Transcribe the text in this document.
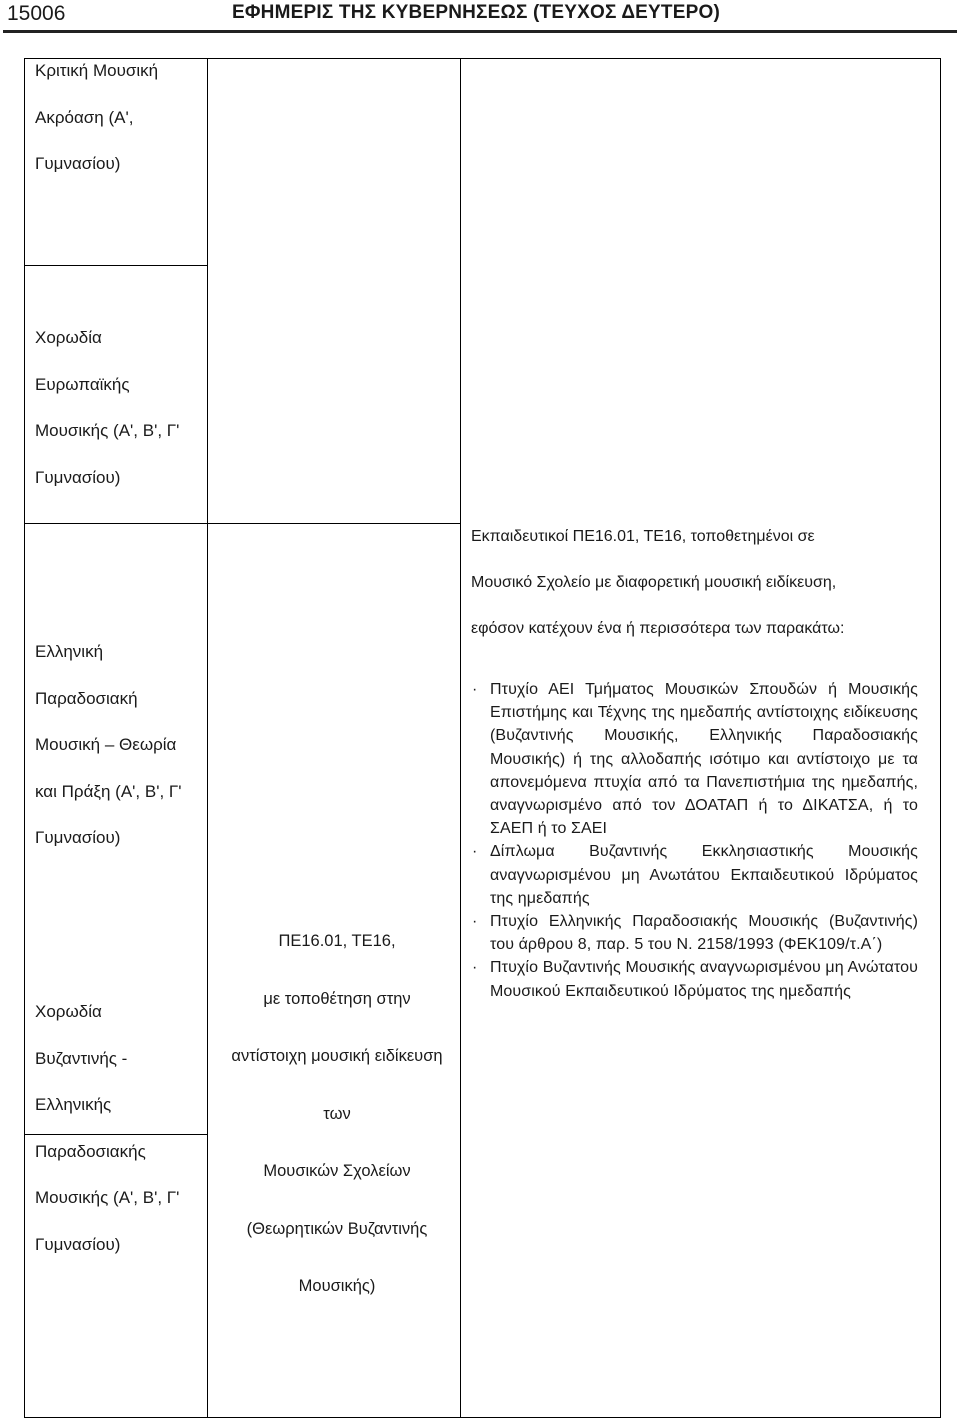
15006	ΕΦΗΜΕΡΙΣ ΤΗΣ ΚΥΒΕΡΝΗΣΕΩΣ (ΤΕΥΧΟΣ ΔΕΥΤΕΡΟ)
Κριτική Μουσική
Ακρόαση (Α',
Γυμνασίου)
Χορωδία
Ευρωπαϊκής
Μουσικής (Α', Β', Γ'
Γυμνασίου)
Ελληνική
Παραδοσιακή
Μουσική – Θεωρία
και Πράξη (Α', Β', Γ'
Γυμνασίου)
Χορωδία
Βυζαντινής -
Ελληνικής
Παραδοσιακής
Μουσικής (Α', Β', Γ'
Γυμνασίου)
ΠΕ16.01, ΤΕ16,
με τοποθέτηση στην
αντίστοιχη μουσική ειδίκευση
των
Μουσικών Σχολείων
(Θεωρητικών Βυζαντινής
Μουσικής)
Εκπαιδευτικοί ΠΕ16.01, ΤΕ16, τοποθετημένοι σε
Μουσικό Σχολείο με διαφορετική μουσική ειδίκευση,
εφόσον κατέχουν ένα ή περισσότερα των παρακάτω:
· Πτυχίο ΑΕΙ Τμήματος Μουσικών Σπουδών ή Μουσικής Επιστήμης και Τέχνης της ημεδαπής αντίστοιχης ειδίκευσης (Βυζαντινής Μουσικής, Ελληνικής Παραδοσιακής Μουσικής) ή της αλλοδαπής ισότιμο και αντίστοιχο με τα απονεμόμενα πτυχία από τα Πανεπιστήμια της ημεδαπής, αναγνωρισμένο από τον ΔΟΑΤΑΠ ή το ΔΙΚΑΤΣΑ, ή το ΣΑΕΠ ή το ΣΑΕΙ
· Δίπλωμα Βυζαντινής Εκκλησιαστικής Μουσικής αναγνωρισμένου μη Ανωτάτου Εκπαιδευτικού Ιδρύματος της ημεδαπής
· Πτυχίο Ελληνικής Παραδοσιακής Μουσικής (Βυζαντινής) του άρθρου 8, παρ. 5 του Ν. 2158/1993 (ΦΕΚ109/τ.Α΄)
· Πτυχίο Βυζαντινής Μουσικής αναγνωρισμένου μη Ανώτατου Μουσικού Εκπαιδευτικού Ιδρύματος της ημεδαπής
